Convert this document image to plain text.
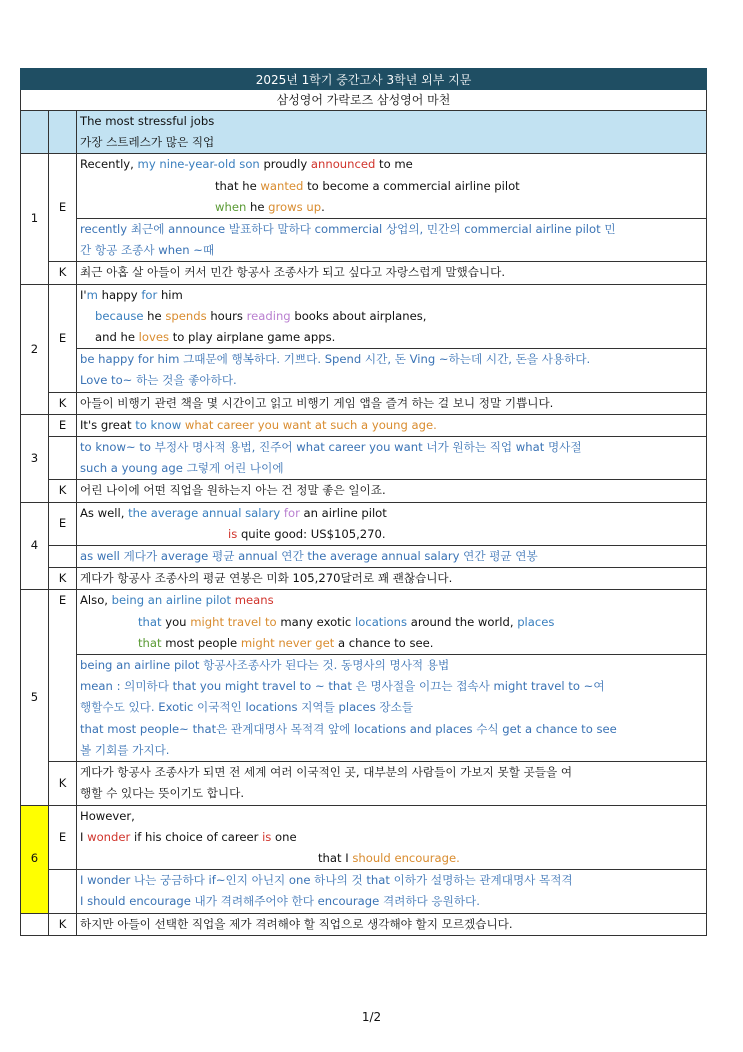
2025년 1학기 중간고사 3학년 외부 지문
삼성영어 가락로즈 삼성영어 마천

		The most stressful jobs
가장 스트레스가 많은 직업

1	E	Recently, my nine-year-old son proudly announced to me
that he wanted to become a commercial airline pilot
when he grows up.

		recently 최근에 announce 발표하다 말하다 commercial 상업의, 민간의 commercial airline pilot 민
간 항공 조종사 when ~때

	K	최근 아홉 살 아들이 커서 민간 항공사 조종사가 되고 싶다고 자랑스럽게 말했습니다.
2	E	I'm happy for him
because he spends hours reading books about airplanes,
and he loves to play airplane game apps.

		be happy for him 그때문에 행복하다. 기쁘다. Spend 시간, 돈 Ving ~하는데 시간, 돈을 사용하다.
Love to~ 하는 것을 좋아하다.

	K	아들이 비행기 관련 책을 몇 시간이고 읽고 비행기 게임 앱을 즐겨 하는 걸 보니 정말 기쁩니다.
3	E	It's great to know what career you want at such a young age.

		to know~ to 부정사 명사적 용법, 진주어 what career you want 너가 원하는 직업 what 명사절
such a young age 그렇게 어린 나이에

	K	어린 나이에 어떤 직업을 원하는지 아는 건 정말 좋은 일이죠.
4	E	As well, the average annual salary for an airline pilot
is quite good: US$105,270.

		as well 게다가 average 평균 annual 연간 the average annual salary 연간 평균 연봉

	K	게다가 항공사 조종사의 평균 연봉은 미화 105,270달러로 꽤 괜찮습니다.
5	E	Also, being an airline pilot means
that you might travel to many exotic locations around the world, places
that most people might never get a chance to see.

		being an airline pilot 항공사조종사가 된다는 것. 동명사의 명사적 용법
mean : 의미하다 that you might travel to ~ that 은 명사절을 이끄는 접속사 might travel to ~여
행할수도 있다. Exotic 이국적인 locations 지역들 places 장소들
that most people~ that은 관계대명사 목적격 앞에 locations and places 수식 get a chance to see
볼 기회를 가지다.

	K	게다가 항공사 조종사가 되면 전 세계 여러 이국적인 곳, 대부분의 사람들이 가보지 못할 곳들을 여
행할 수 있다는 뜻이기도 합니다.

6	E	However,
I wonder if his choice of career is one
that I should encourage.

		I wonder 나는 궁금하다 if~인지 아닌지 one 하나의 것 that 이하가 설명하는 관계대명사 목적격
I should encourage 내가 격려해주어야 한다 encourage 격려하다 응원하다.

	K	하지만 아들이 선택한 직업을 제가 격려해야 할 직업으로 생각해야 할지 모르겠습니다.
1/2
